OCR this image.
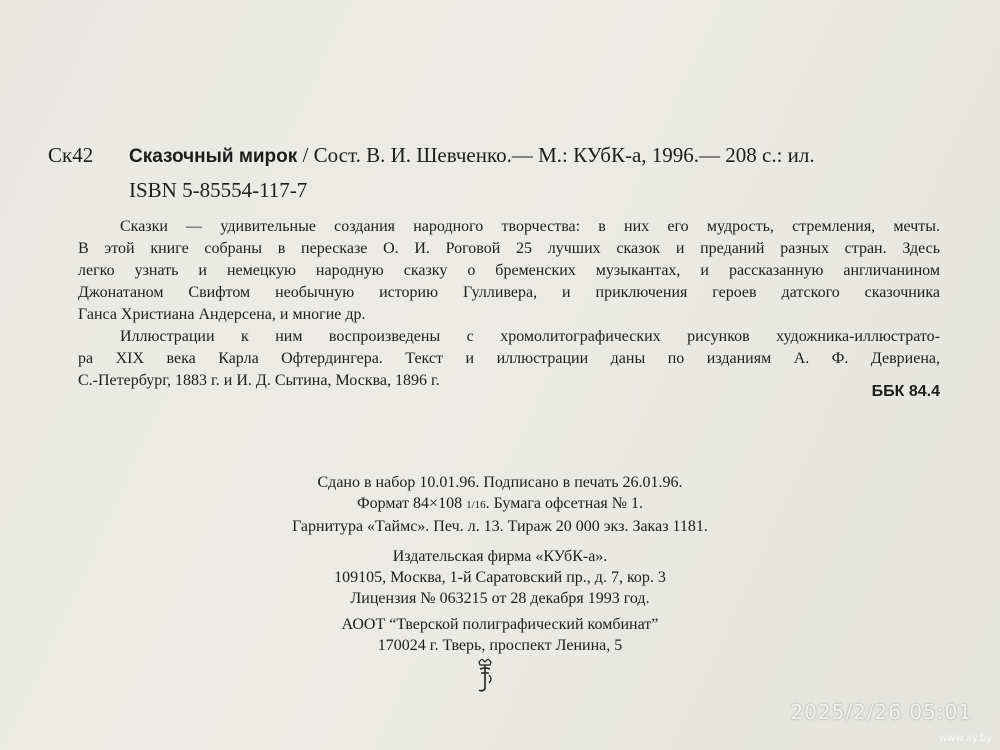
Ск42 Сказочный мирок / Сост. В. И. Шевченко.— М.: КУбК-а, 1996.— 208 с.: ил.
ISBN 5-85554-117-7

Сказки — удивительные создания народного творчества: в них его мудрость, стремления, мечты.

В этой книге собраны в пересказе О. И. Роговой 25 лучших сказок и преданий разных стран. Здесь

легко узнать и немецкую народную сказку о бременских музыкантах, и рассказанную англичанином

Джонатаном Свифтом необычную историю Гулливера, и приключения героев датского сказочника

Ганса Христиана Андерсена, и многие др.

Иллюстрации к ним воспроизведены с хромолитографических рисунков художника-иллюстрато-

ра XIX века Карла Офтердингера. Текст и иллюстрации даны по изданиям А. Ф. Девриена,

С.-Петербург, 1883 г. и И. Д. Сытина, Москва, 1896 г.

ББК 84.4
Сдано в набор 10.01.96. Подписано в печать 26.01.96.
Формат 84×108 1/16. Бумага офсетная № 1.
Гарнитура «Таймс». Печ. л. 13. Тираж 20 000 экз. Заказ 1181.
Издательская фирма «КУбК-а».
109105, Москва, 1-й Саратовский пр., д. 7, кор. 3
Лицензия № 063215 от 28 декабря 1993 год.
АООТ “Тверской полиграфический комбинат”
170024 г. Тверь, проспект Ленина, 5
2025/2/26 05:01
www.ay.by
